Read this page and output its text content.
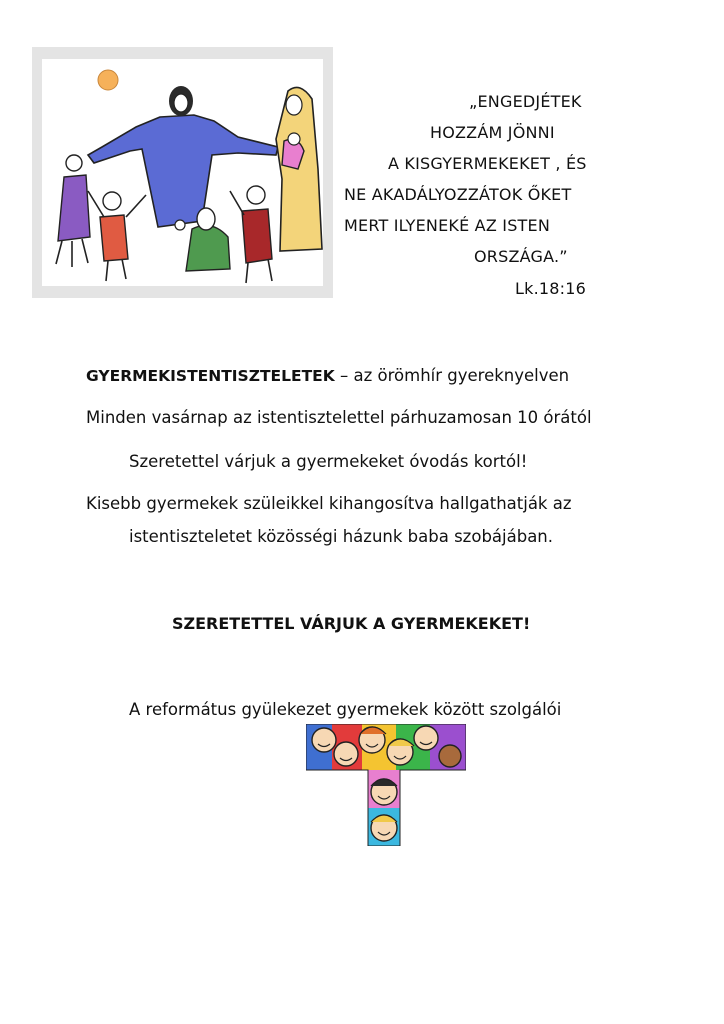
„ENGEDJÉTEK
HOZZÁM JÖNNI
A KISGYERMEKEKET , ÉS
NE AKADÁLYOZZÁTOK ŐKET
MERT ILYENEKÉ AZ ISTEN
ORSZÁGA.”
Lk.18:16
GYERMEKISTENTISZTELETEK – az örömhír gyereknyelven
Minden vasárnap az istentisztelettel párhuzamosan 10 órától
Szeretettel várjuk a gyermekeket óvodás kortól!
Kisebb gyermekek szüleikkel kihangosítva hallgathatják az
istentiszteletet közösségi házunk baba szobájában.
SZERETETTEL VÁRJUK A GYERMEKEKET!
A református gyülekezet gyermekek között szolgálói
